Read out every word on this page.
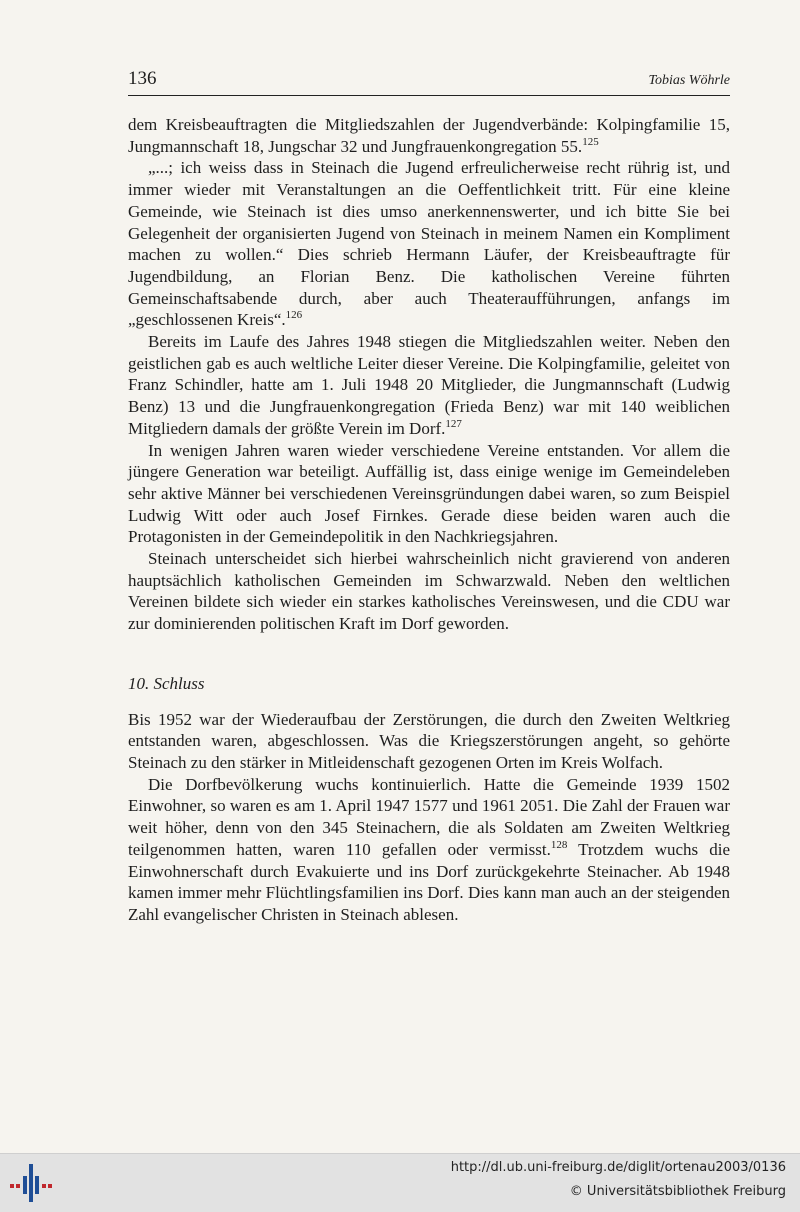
136	Tobias Wöhrle

dem Kreisbeauftragten die Mitgliedszahlen der Jugendverbände: Kolpingfamilie 15, Jungmannschaft 18, Jungschar 32 und Jungfrauenkongregation 55.$^{125}$

„...; ich weiss dass in Steinach die Jugend erfreulicherweise recht rührig ist, und immer wieder mit Veranstaltungen an die Oeffentlichkeit tritt. Für eine kleine Gemeinde, wie Steinach ist dies umso anerkennenswerter, und ich bitte Sie bei Gelegenheit der organisierten Jugend von Steinach in meinem Namen ein Kompliment machen zu wollen.“ Dies schrieb Hermann Läufer, der Kreisbeauftragte für Jugendbildung, an Florian Benz. Die katholischen Vereine führten Gemeinschaftsabende durch, aber auch Theateraufführungen, anfangs im „geschlossenen Kreis“.$^{126}$

Bereits im Laufe des Jahres 1948 stiegen die Mitgliedszahlen weiter. Neben den geistlichen gab es auch weltliche Leiter dieser Vereine. Die Kolpingfamilie, geleitet von Franz Schindler, hatte am 1. Juli 1948 20 Mitglieder, die Jungmannschaft (Ludwig Benz) 13 und die Jungfrauenkongregation (Frieda Benz) war mit 140 weiblichen Mitgliedern damals der größte Verein im Dorf.$^{127}$

In wenigen Jahren waren wieder verschiedene Vereine entstanden. Vor allem die jüngere Generation war beteiligt. Auffällig ist, dass einige wenige im Gemeindeleben sehr aktive Männer bei verschiedenen Vereinsgründungen dabei waren, so zum Beispiel Ludwig Witt oder auch Josef Firnkes. Gerade diese beiden waren auch die Protagonisten in der Gemeindepolitik in den Nachkriegsjahren.

Steinach unterscheidet sich hierbei wahrscheinlich nicht gravierend von anderen hauptsächlich katholischen Gemeinden im Schwarzwald. Neben den weltlichen Vereinen bildete sich wieder ein starkes katholisches Vereinswesen, und die CDU war zur dominierenden politischen Kraft im Dorf geworden.

10. Schluss

Bis 1952 war der Wiederaufbau der Zerstörungen, die durch den Zweiten Weltkrieg entstanden waren, abgeschlossen. Was die Kriegszerstörungen angeht, so gehörte Steinach zu den stärker in Mitleidenschaft gezogenen Orten im Kreis Wolfach.

Die Dorfbevölkerung wuchs kontinuierlich. Hatte die Gemeinde 1939 1502 Einwohner, so waren es am 1. April 1947 1577 und 1961 2051. Die Zahl der Frauen war weit höher, denn von den 345 Steinachern, die als Soldaten am Zweiten Weltkrieg teilgenommen hatten, waren 110 gefallen oder vermisst.$^{128}$ Trotzdem wuchs die Einwohnerschaft durch Evakuierte und ins Dorf zurückgekehrte Steinacher. Ab 1948 kamen immer mehr Flüchtlingsfamilien ins Dorf. Dies kann man auch an der steigenden Zahl evangelischer Christen in Steinach ablesen.

http://dl.ub.uni-freiburg.de/diglit/ortenau2003/0136
© Universitätsbibliothek Freiburg
